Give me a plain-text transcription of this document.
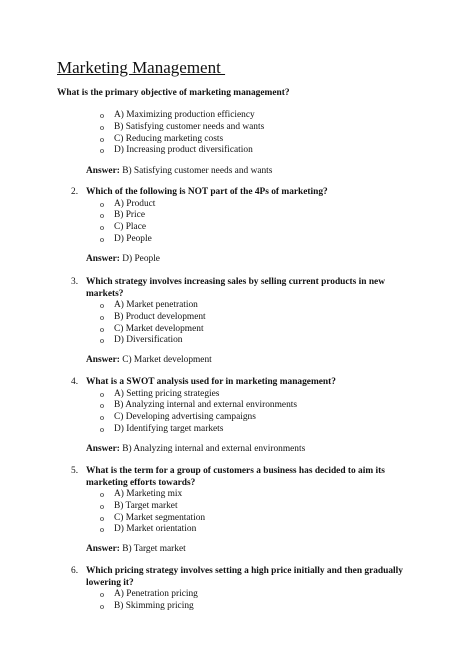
Marketing Management

What is the primary objective of marketing management?

o A) Maximizing production efficiency
o B) Satisfying customer needs and wants
o C) Reducing marketing costs
o D) Increasing product diversification
Answer: B) Satisfying customer needs and wants
2. Which of the following is NOT part of the 4Ps of marketing?
o A) Product
o B) Price
o C) Place
o D) People
Answer: D) People
3. Which strategy involves increasing sales by selling current products in new markets?
o A) Market penetration
o B) Product development
o C) Market development
o D) Diversification
Answer: C) Market development
4. What is a SWOT analysis used for in marketing management?
o A) Setting pricing strategies
o B) Analyzing internal and external environments
o C) Developing advertising campaigns
o D) Identifying target markets
Answer: B) Analyzing internal and external environments
5. What is the term for a group of customers a business has decided to aim its marketing efforts towards?
o A) Marketing mix
o B) Target market
o C) Market segmentation
o D) Market orientation
Answer: B) Target market
6. Which pricing strategy involves setting a high price initially and then gradually lowering it?
o A) Penetration pricing
o B) Skimming pricing
